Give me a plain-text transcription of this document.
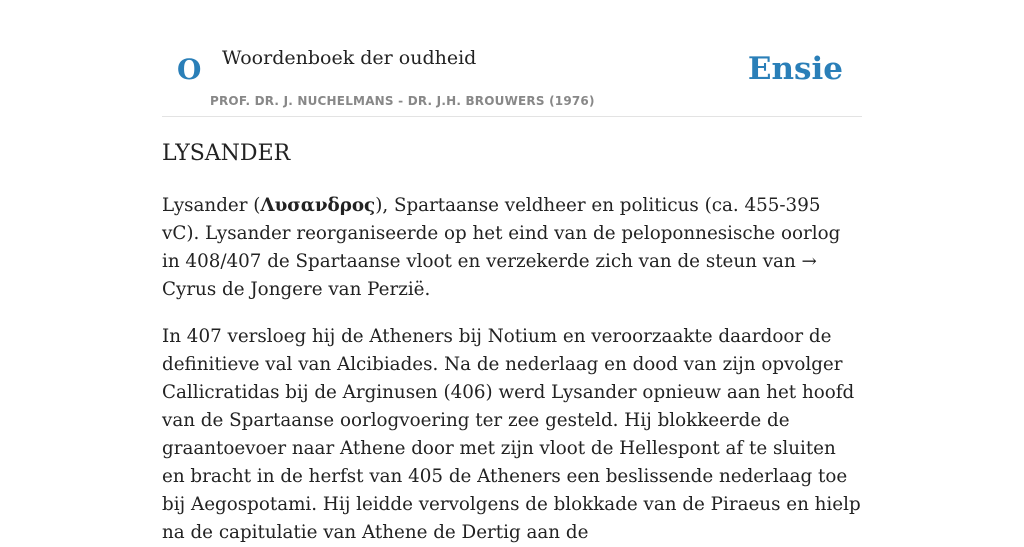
O Woordenboek der oudheid
PROF. DR. J. NUCHELMANS - DR. J.H. BROUWERS (1976)
Ensie
LYSANDER

Lysander (Λυσανδρος), Spartaanse veldheer en politicus (ca. 455-395 vC). Lysander reorganiseerde op het eind van de peloponnesische oorlog in 408/407 de Spartaanse vloot en verzekerde zich van de steun van → Cyrus de Jongere van Perzië.

In 407 versloeg hij de Atheners bij Notium en veroorzaakte daardoor de definitieve val van Alcibiades. Na de nederlaag en dood van zijn opvolger Callicratidas bij de Arginusen (406) werd Lysander opnieuw aan het hoofd van de Spartaanse oorlogvoering ter zee gesteld. Hij blokkeerde de graantoevoer naar Athene door met zijn vloot de Hellespont af te sluiten en bracht in de herfst van 405 de Atheners een beslissende nederlaag toe bij Aegospotami. Hij leidde vervolgens de blokkade van de Piraeus en hielp na de capitulatie van Athene de Dertig aan de
